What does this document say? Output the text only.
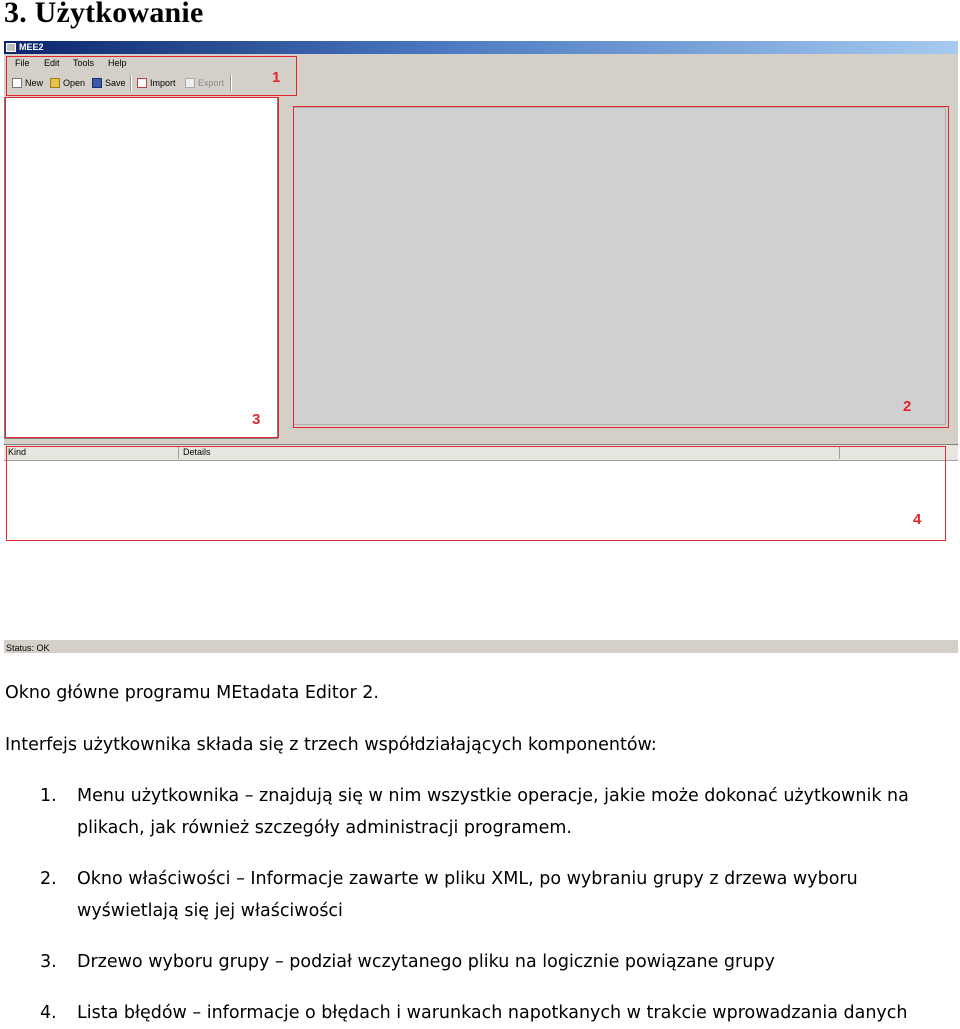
3. Użytkowanie
MEE2
File Edit Tools Help
New Open Save	Import Export
Kind	Details
Status: OK
1
2
3
4

Okno główne programu MEtadata Editor 2.

Interfejs użytkownika składa się z trzech współdziałających komponentów:

1. Menu użytkownika – znajdują się w nim wszystkie operacje, jakie może dokonać użytkownik na plikach, jak również szczegóły administracji programem.
2. Okno właściwości – Informacje zawarte w pliku XML, po wybraniu grupy z drzewa wyboru wyświetlają się jej właściwości
3. Drzewo wyboru grupy – podział wczytanego pliku na logicznie powiązane grupy
4. Lista błędów – informacje o błędach i warunkach napotkanych w trakcie wprowadzania danych
